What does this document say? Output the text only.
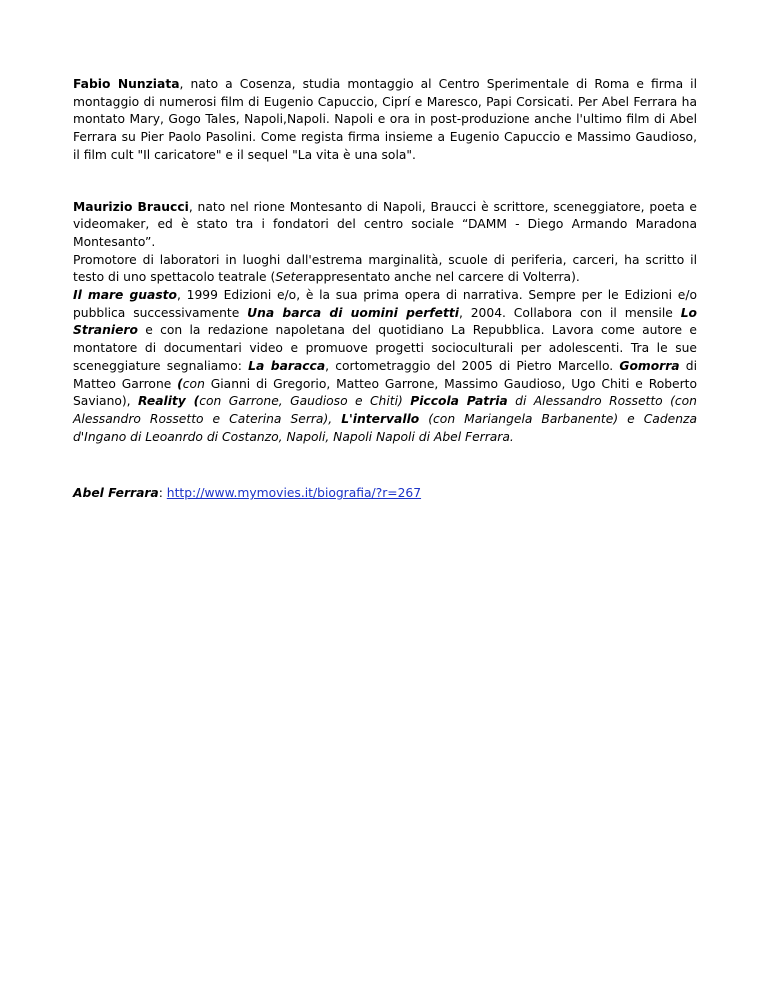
Fabio Nunziata, nato a Cosenza, studia montaggio al Centro Sperimentale di Roma e firma il montaggio di numerosi film di Eugenio Capuccio, Ciprí e Maresco, Papi Corsicati. Per Abel Ferrara ha montato Mary, Gogo Tales, Napoli,Napoli. Napoli e ora in post-produzione anche l'ultimo film di Abel Ferrara su Pier Paolo Pasolini. Come regista firma insieme a Eugenio Capuccio e Massimo Gaudioso, il film cult "Il caricatore" e il sequel "La vita è una sola".

Maurizio Braucci, nato nel rione Montesanto di Napoli, Braucci è scrittore, sceneggiatore, poeta e videomaker, ed è stato tra i fondatori del centro sociale “DAMM - Diego Armando Maradona Montesanto”.

Promotore di laboratori in luoghi dall'estrema marginalità, scuole di periferia, carceri, ha scritto il testo di uno spettacolo teatrale (Seterappresentato anche nel carcere di Volterra).

Il mare guasto, 1999 Edizioni e/o, è la sua prima opera di narrativa. Sempre per le Edizioni e/o pubblica successivamente Una barca di uomini perfetti, 2004. Collabora con il mensile Lo Straniero e con la redazione napoletana del quotidiano La Repubblica. Lavora come autore e montatore di documentari video e promuove progetti socioculturali per adolescenti. Tra le sue sceneggiature segnaliamo: La baracca, cortometraggio del 2005 di Pietro Marcello. Gomorra di Matteo Garrone (con Gianni di Gregorio, Matteo Garrone, Massimo Gaudioso, Ugo Chiti e Roberto Saviano), Reality (con Garrone, Gaudioso e Chiti) Piccola Patria di Alessandro Rossetto (con Alessandro Rossetto e Caterina Serra), L'intervallo (con Mariangela Barbanente) e Cadenza d'Ingano di Leoanrdo di Costanzo, Napoli, Napoli Napoli di Abel Ferrara.

Abel Ferrara: http://www.mymovies.it/biografia/?r=267
